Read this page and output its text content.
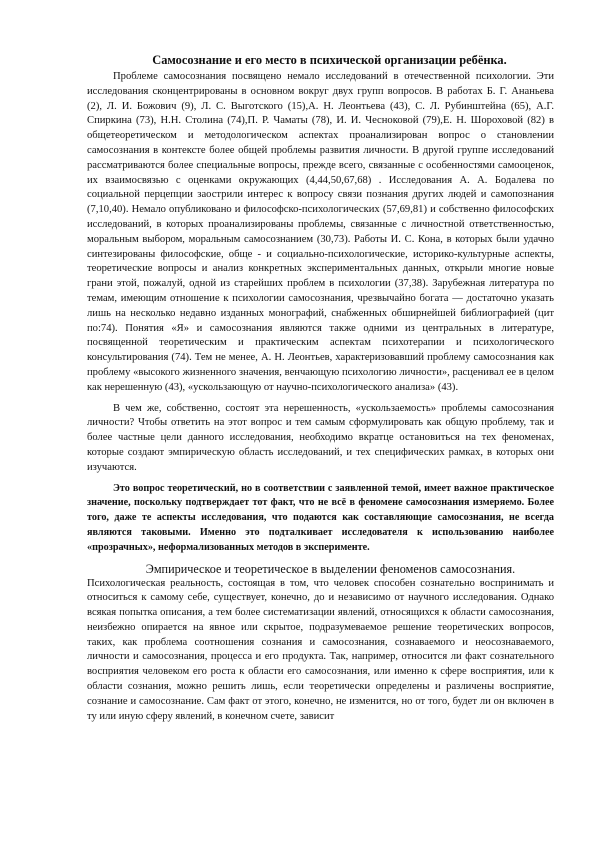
Самосознание и его место в психической организации ребёнка.

Проблеме самосознания посвящено немало исследований в отечественной психологии. Эти исследования сконцентрированы в основном вокруг двух групп вопросов. В работах Б. Г. Ананьева (2), Л. И. Божович (9), Л. С. Выготского (15),А. Н. Леонтьева (43), С. Л. Рубинштейна (65), А.Г. Спиркина (73), Н.Н. Столина (74),П. Р. Чаматы (78), И. И. Чесноковой (79),Е. Н. Шороховой (82) в общетеоретическом и методологическом аспектах проанализирован вопрос о становлении самосознания в контексте более общей проблемы развития личности. В другой группе исследований рассматриваются более специальные вопросы, прежде всего, связанные с особенностями самооценок, их взаимосвязью с оценками окружающих (4,44,50,67,68) . Исследования А. А. Бодалева по социальной перцепции заострили интерес к вопросу связи познания других людей и самопознания (7,10,40). Немало опубликовано и философско-психологических (57,69,81) и собственно философских исследований, в которых проанализированы проблемы, связанные с личностной ответственностью, моральным выбором, моральным самосознанием (30,73). Работы И. С. Кона, в которых были удачно синтезированы философские, обще - и социально-психологические, историко-культурные аспекты, теоретические вопросы и анализ конкретных экспериментальных данных, открыли многие новые грани этой, пожалуй, одной из старейших проблем в психологии (37,38). Зарубежная литература по темам, имеющим отношение к психологии самосознания, чрезвычайно богата — достаточно указать лишь на несколько недавно изданных монографий, снабженных обширнейшей библиографией (цит по:74). Понятия «Я» и самосознания являются также одними из центральных в литературе, посвященной теоретическим и практическим аспектам психотерапии и психологического консультирования (74). Тем не менее, А. Н. Леонтьев, характеризовавший проблему самосознания как проблему «высокого жизненного значения, венчающую психологию личности», расценивал ее в целом как нерешенную (43), «ускользающую от научно-психологического анализа» (43).

В чем же, собственно, состоят эта нерешенность, «ускользаемость» проблемы самосознания личности? Чтобы ответить на этот вопрос и тем самым сформулировать как общую проблему, так и более частные цели данного исследования, необходимо вкратце остановиться на тех феноменах, которые создают эмпирическую область исследований, и тех специфических рамках, в которых они изучаются.

Это вопрос теоретический, но в соответствии с заявленной темой, имеет важное практическое значение, поскольку подтверждает тот факт, что не всё в феномене самосознания измеряемо. Более того, даже те аспекты исследования, что подаются как составляющие самосознания, не всегда являются таковыми. Именно это подталкивает исследователя к использованию наиболее «прозрачных», неформализованных методов в эксперименте.

Эмпирическое и теоретическое в выделении феноменов самосознания.

Психологическая реальность, состоящая в том, что человек способен сознательно воспринимать и относиться к самому себе, существует, конечно, до и независимо от научного исследования. Однако всякая попытка описания, а тем более систематизации явлений, относящихся к области самосознания, неизбежно опирается на явное или скрытое, подразумеваемое решение теоретических вопросов, таких, как проблема соотношения сознания и самосознания, сознаваемого и неосознаваемого, личности и самосознания, процесса и его продукта. Так, например, относится ли факт сознательного восприятия человеком его роста к области его самосознания, или именно к сфере восприятия, или к области сознания, можно решить лишь, если теоретически определены и различены восприятие, сознание и самосознание. Сам факт от этого, конечно, не изменится, но от того, будет ли он включен в ту или иную сферу явлений, в конечном счете, зависит
